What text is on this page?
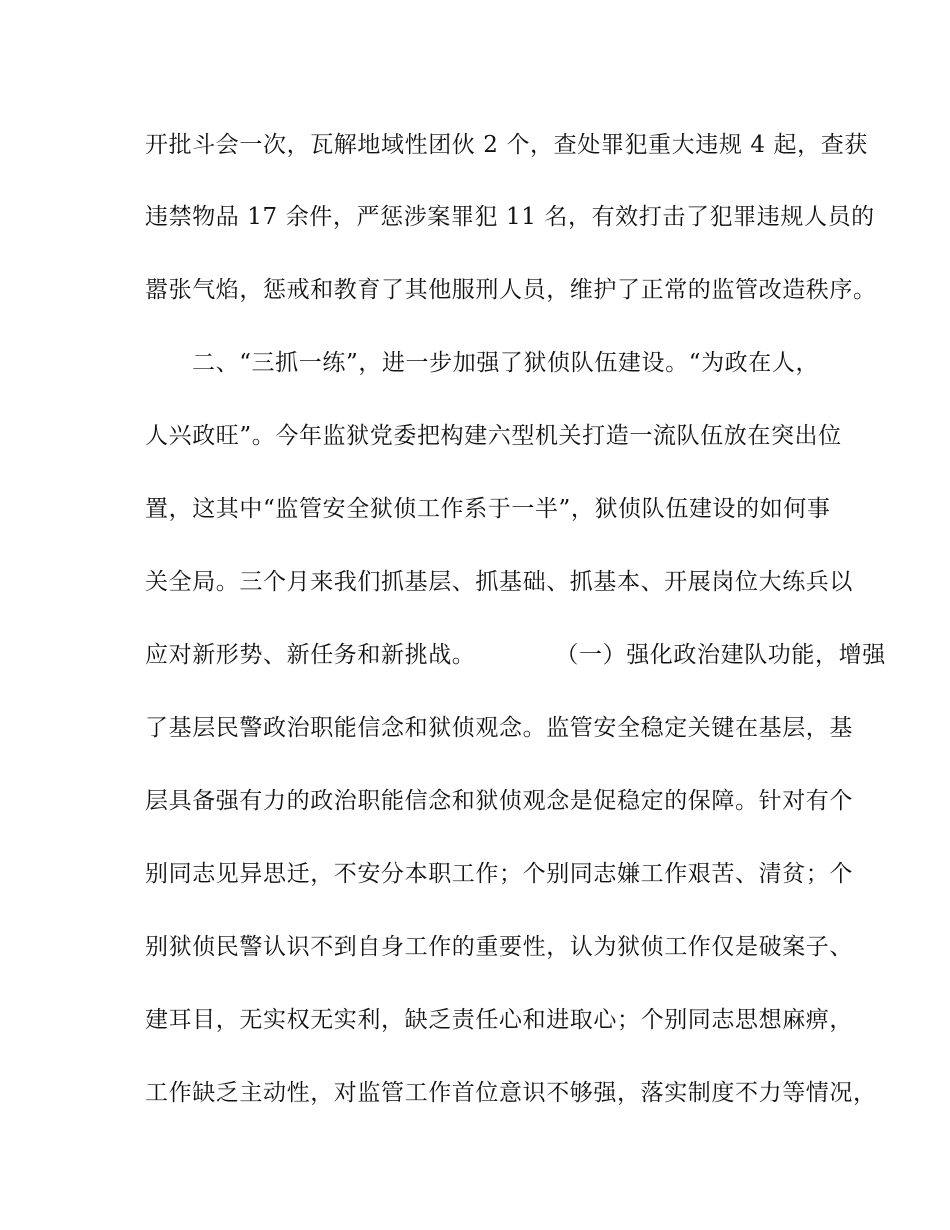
开批斗会一次，瓦解地域性团伙 2 个，查处罪犯重大违规 4 起，查获
违禁物品 17 余件，严惩涉案罪犯 11 名，有效打击了犯罪违规人员的
嚣张气焰，惩戒和教育了其他服刑人员，维护了正常的监管改造秩序。
二、“三抓一练”，进一步加强了狱侦队伍建设。“为政在人，
人兴政旺”。今年监狱党委把构建六型机关打造一流队伍放在突出位
置，这其中“监管安全狱侦工作系于一半”，狱侦队伍建设的如何事
关全局。三个月来我们抓基层、抓基础、抓基本、开展岗位大练兵以
应对新形势、新任务和新挑战。	（一）强化政治建队功能，增强
了基层民警政治职能信念和狱侦观念。监管安全稳定关键在基层，基
层具备强有力的政治职能信念和狱侦观念是促稳定的保障。针对有个
别同志见异思迁，不安分本职工作；个别同志嫌工作艰苦、清贫；个
别狱侦民警认识不到自身工作的重要性，认为狱侦工作仅是破案子、
建耳目，无实权无实利，缺乏责任心和进取心；个别同志思想麻痹，
工作缺乏主动性，对监管工作首位意识不够强，落实制度不力等情况，
